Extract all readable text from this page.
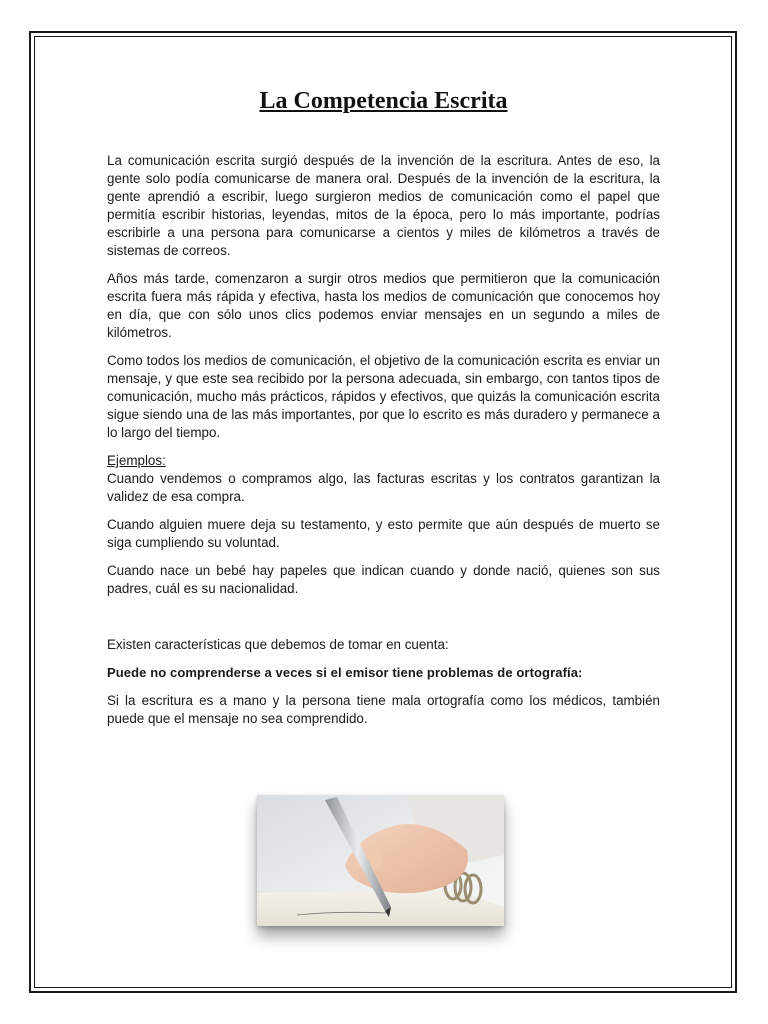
La Competencia Escrita

La comunicación escrita surgió después de la invención de la escritura. Antes de eso, la gente solo podía comunicarse de manera oral. Después de la invención de la escritura, la gente aprendió a escribir, luego surgieron medios de comunicación como el papel que permitía escribir historias, leyendas, mitos de la época, pero lo más importante, podrías escribirle a una persona para comunicarse a cientos y miles de kilómetros a través de sistemas de correos.

Años más tarde, comenzaron a surgir otros medios que permitieron que la comunicación escrita fuera más rápida y efectiva, hasta los medios de comunicación que conocemos hoy en día, que con sólo unos clics podemos enviar mensajes en un segundo a miles de kilómetros.

Como todos los medios de comunicación, el objetivo de la comunicación escrita es enviar un mensaje, y que este sea recibido por la persona adecuada, sin embargo, con tantos tipos de comunicación, mucho más prácticos, rápidos y efectivos, que quizás la comunicación escrita sigue siendo una de las más importantes, por que lo escrito es más duradero y permanece a lo largo del tiempo.

Ejemplos:

Cuando vendemos o compramos algo, las facturas escritas y los contratos garantizan la validez de esa compra.

Cuando alguien muere deja su testamento, y esto permite que aún después de muerto se siga cumpliendo su voluntad.

Cuando nace un bebé hay papeles que indican cuando y donde nació, quienes son sus padres, cuál es su nacionalidad.

Existen características que debemos de tomar en cuenta:

Puede no comprenderse a veces si el emisor tiene problemas de ortografía:

Si la escritura es a mano y la persona tiene mala ortografía como los médicos, también puede que el mensaje no sea comprendido.
